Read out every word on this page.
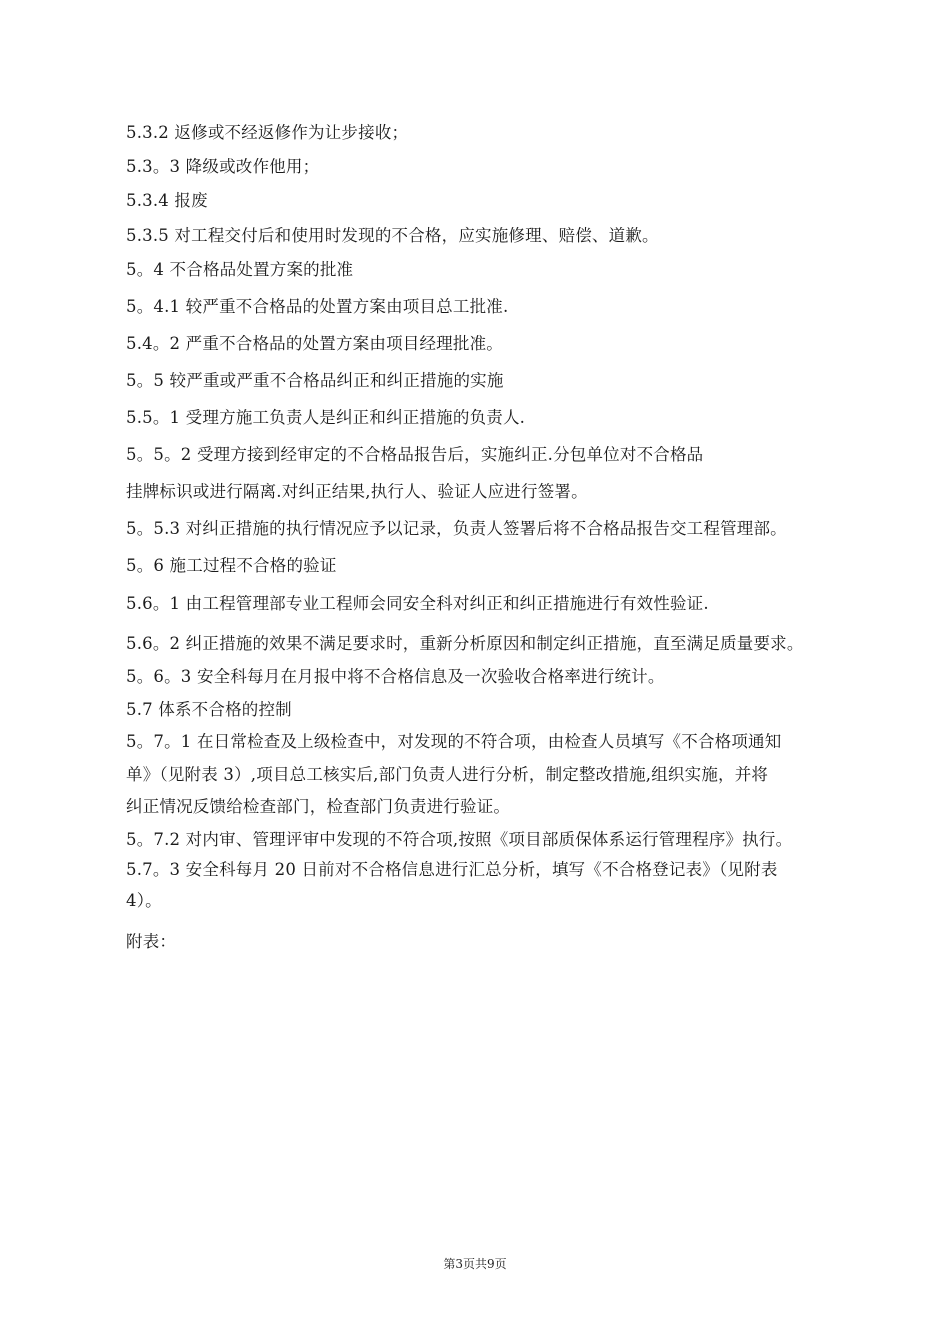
5.3.2 返修或不经返修作为让步接收；
5.3。3 降级或改作他用；
5.3.4 报废
5.3.5 对工程交付后和使用时发现的不合格，应实施修理、赔偿、道歉。
5。4 不合格品处置方案的批准
5。4.1 较严重不合格品的处置方案由项目总工批准.
5.4。2 严重不合格品的处置方案由项目经理批准。
5。5 较严重或严重不合格品纠正和纠正措施的实施
5.5。1 受理方施工负责人是纠正和纠正措施的负责人.
5。5。2 受理方接到经审定的不合格品报告后，实施纠正.分包单位对不合格品
挂牌标识或进行隔离.对纠正结果,执行人、验证人应进行签署。
5。5.3 对纠正措施的执行情况应予以记录，负责人签署后将不合格品报告交工程管理部。
5。6 施工过程不合格的验证
5.6。1 由工程管理部专业工程师会同安全科对纠正和纠正措施进行有效性验证.
5.6。2 纠正措施的效果不满足要求时，重新分析原因和制定纠正措施，直至满足质量要求。
5。6。3 安全科每月在月报中将不合格信息及一次验收合格率进行统计。
5.7 体系不合格的控制
5。7。1 在日常检查及上级检查中，对发现的不符合项，由检查人员填写《不合格项通知
单》（见附表 3）,项目总工核实后,部门负责人进行分析，制定整改措施,组织实施，并将
纠正情况反馈给检查部门，检查部门负责进行验证。
5。7.2 对内审、管理评审中发现的不符合项,按照《项目部质保体系运行管理程序》执行。
5.7。3 安全科每月 20 日前对不合格信息进行汇总分析，填写《不合格登记表》（见附表
4）。
附表：
第3页共9页
